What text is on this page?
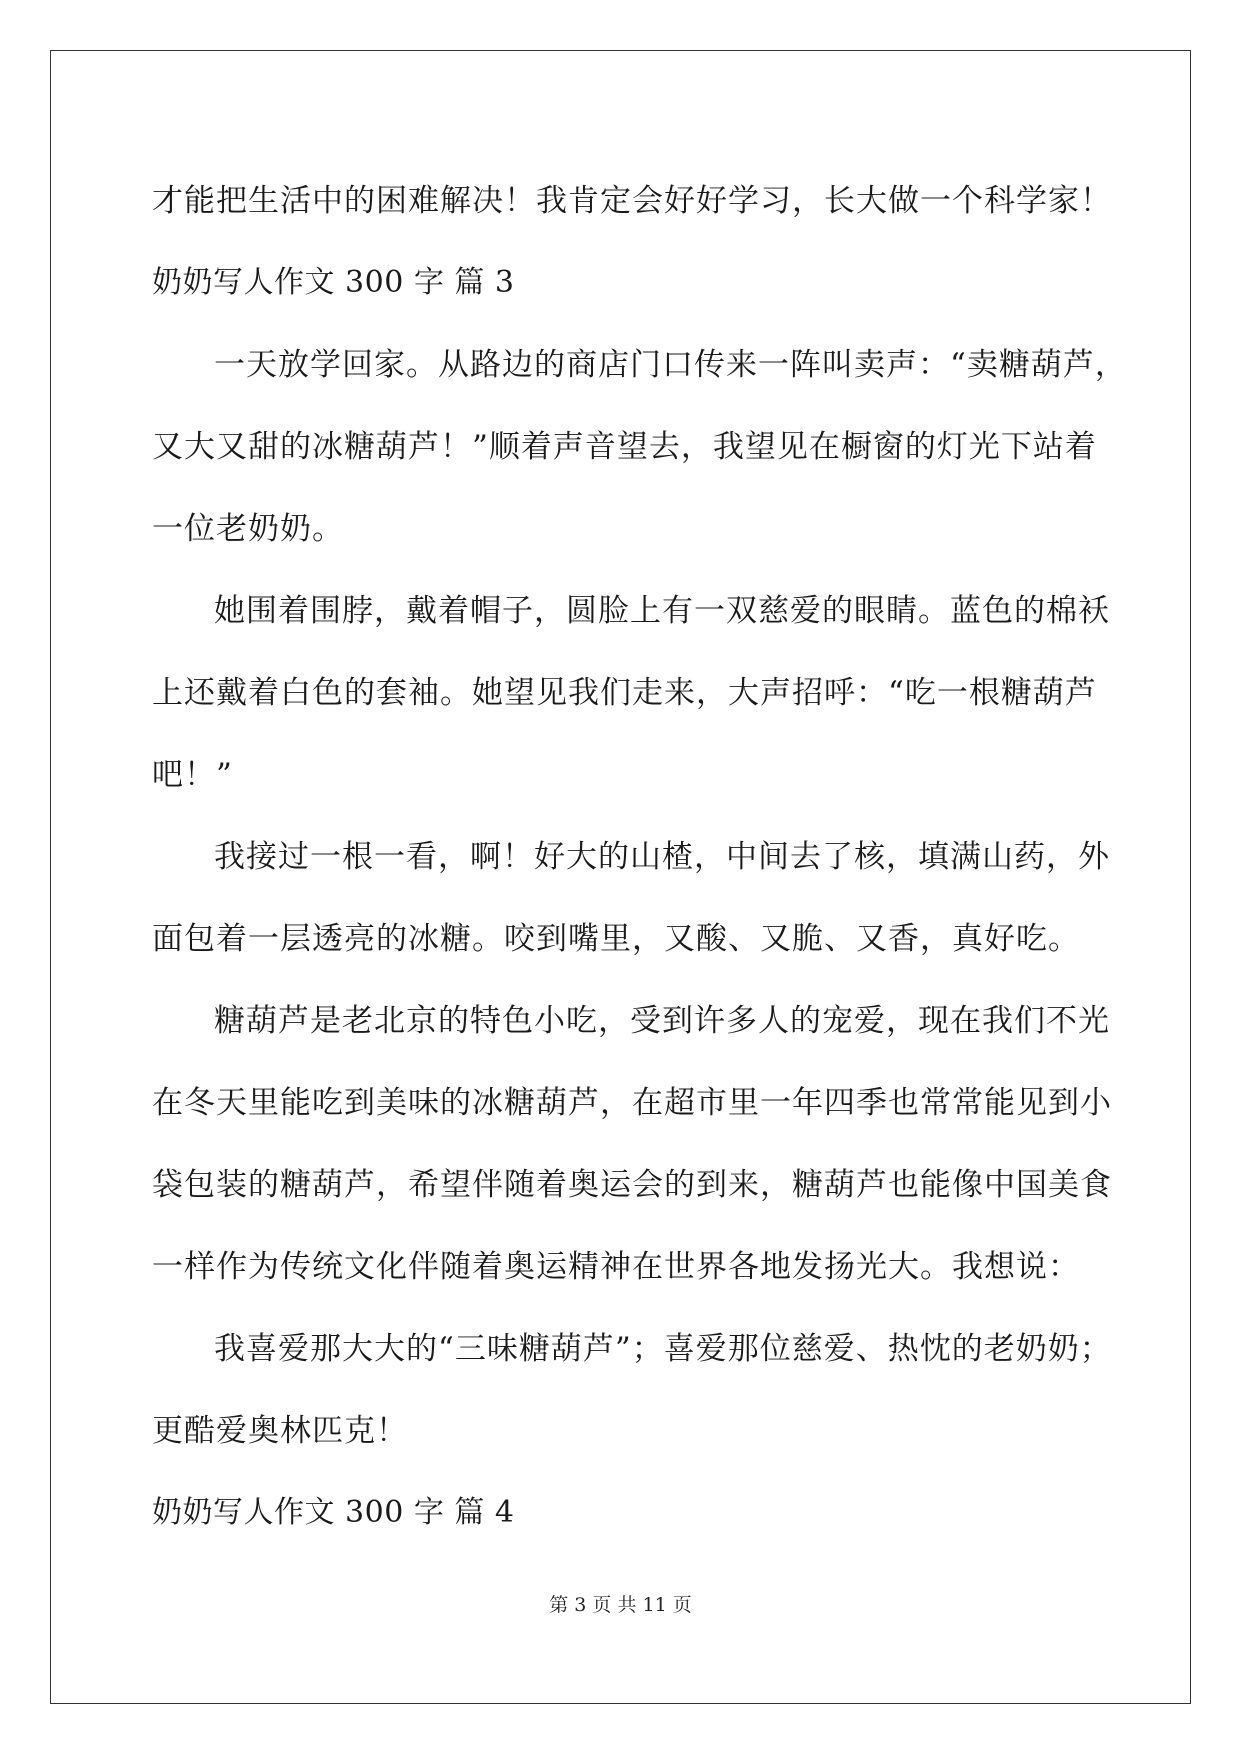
才能把生活中的困难解决！我肯定会好好学习，长大做一个科学家！
奶奶写人作文 300 字 篇 3
一天放学回家。从路边的商店门口传来一阵叫卖声：“卖糖葫芦，
又大又甜的冰糖葫芦！”顺着声音望去，我望见在橱窗的灯光下站着
一位老奶奶。
她围着围脖，戴着帽子，圆脸上有一双慈爱的眼睛。蓝色的棉袄
上还戴着白色的套袖。她望见我们走来，大声招呼：“吃一根糖葫芦
吧！”
我接过一根一看，啊！好大的山楂，中间去了核，填满山药，外
面包着一层透亮的冰糖。咬到嘴里，又酸、又脆、又香，真好吃。
糖葫芦是老北京的特色小吃，受到许多人的宠爱，现在我们不光
在冬天里能吃到美味的冰糖葫芦，在超市里一年四季也常常能见到小
袋包装的糖葫芦，希望伴随着奥运会的到来，糖葫芦也能像中国美食
一样作为传统文化伴随着奥运精神在世界各地发扬光大。我想说：
我喜爱那大大的“三味糖葫芦”；喜爱那位慈爱、热忱的老奶奶；
更酷爱奥林匹克！
奶奶写人作文 300 字 篇 4
第 3 页 共 11 页
